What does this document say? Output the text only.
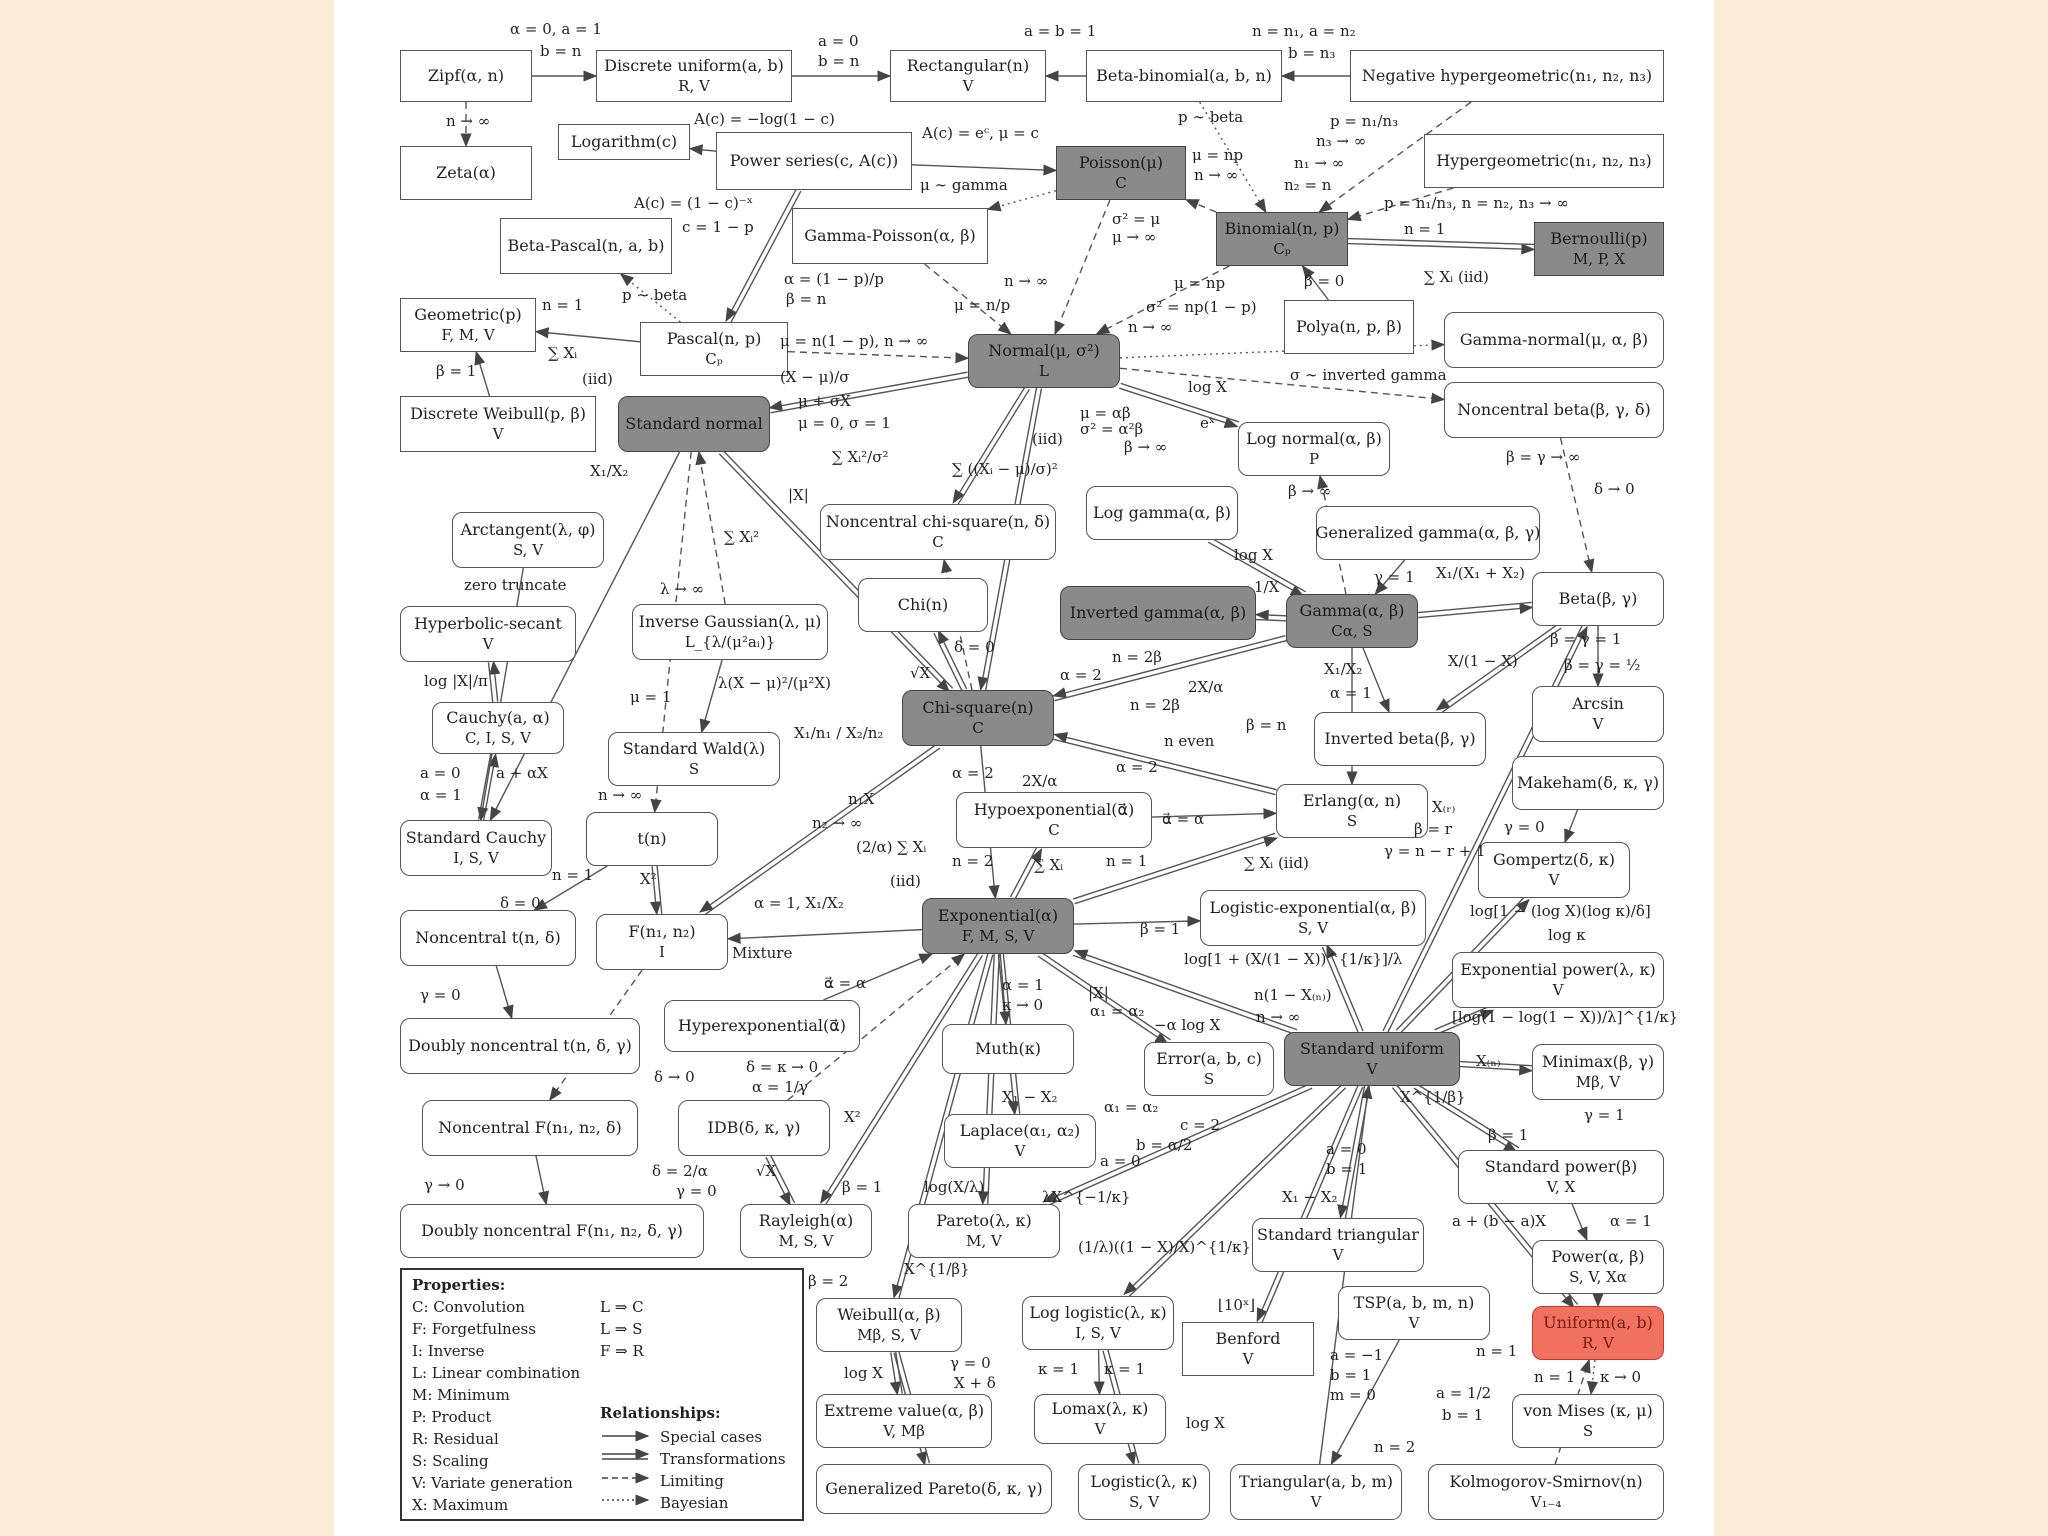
Zipf(α, n)
Discrete uniform(a, b)
R, V
Rectangular(n)
V
Beta-binomial(a, b, n)	Negative hypergeometric(n₁, n₂, n₃)
Zeta(α)
Logarithm(c)
Power series(c, A(c))	Poisson(μ)
C
Hypergeometric(n₁, n₂, n₃)
Beta-Pascal(n, a, b)
Gamma-Poisson(α, β)	Binomial(n, p)
Cₚ
Bernoulli(p)
M, P, X
Geometric(p)
F, M, V	Pascal(n, p)
Cₚ	Normal(μ, σ²)
L
Polya(n, p, β)
Gamma-normal(μ, α, β)
Discrete Weibull(p, β)
V
Standard normal
Noncentral beta(β, γ, δ)
Log normal(α, β)
P
Arctangent(λ, φ)
S, V
Noncentral chi-square(n, δ)
C
Log gamma(α, β)
Generalized gamma(α, β, γ)
Hyperbolic-secant
V
Inverse Gaussian(λ, μ)
L_{λ/(μ²aᵢ)}
Chi(n)	Inverted gamma(α, β)	Gamma(α, β)
Cα, S
Beta(β, γ)
Cauchy(a, α)
C, I, S, V
Standard Wald(λ)
S
Chi-square(n)
C
Inverted beta(β, γ)
Arcsin
V
Makeham(δ, κ, γ)
Standard Cauchy
I, S, V
t(n)
Hypoexponential(α⃗)
C
Erlang(α, n)
S
Gompertz(δ, κ)
V
Noncentral t(n, δ)	F(n₁, n₂)
I
Exponential(α)
F, M, S, V
Logistic-exponential(α, β)
S, V
Exponential power(λ, κ)
V
Doubly noncentral t(n, δ, γ)
Hyperexponential(α⃗)
Muth(κ)
Error(a, b, c)
S
Standard uniform
V	Minimax(β, γ)
Mβ, V
Noncentral F(n₁, n₂, δ)	IDB(δ, κ, γ)	Laplace(α₁, α₂)
V
Standard power(β)
V, X
Doubly noncentral F(n₁, n₂, δ, γ)
Rayleigh(α)
M, S, V
Pareto(λ, κ)
M, V	Standard triangular
V	Power(α, β)
S, V, Xα
Weibull(α, β)
Mβ, S, V
Log logistic(λ, κ)
I, S, V	Benford
V
TSP(a, b, m, n)
V	Uniform(a, b)
R, V
Extreme value(α, β)
V, Mβ
Lomax(λ, κ)
V
von Mises (κ, μ)
S
Generalized Pareto(δ, κ, γ)	Logistic(λ, κ)
S, V
Triangular(a, b, m)
V
Kolmogorov-Smirnov(n)
V₁₋₄
α = 0, a = 1
b = n
a = 0
b = n
a = b = 1	n = n₁, a = n₂
b = n₃
n → ∞	A(c) = −log(1 − c)
A(c) = eᶜ, μ = c
p ∼ beta	p = n₁/n₃
n₃ → ∞
μ = np
n → ∞
n₁ → ∞
n₂ = n
μ ∼ gamma
A(c) = (1 − c)⁻ˣ
c = 1 − p	σ² = μ
μ → ∞
p = n₁/n₃, n = n₂, n₃ → ∞
n = 1
β = 0	∑ Xᵢ (iid)
α = (1 − p)/p
β = n
p ∼ beta
n = 1
n → ∞
μ = n/p
μ = np
σ² = np(1 − p)
n → ∞
μ = n(1 − p), n → ∞
∑ Xᵢ
(iid)
β = 1	(X − μ)/σ	σ ∼ inverted gamma
μ + σX
μ = 0, σ = 1
log X
eˣ
μ = αβ
σ² = α²β
β → ∞
(iid)
X₁/X₂
∑ Xᵢ²/σ²
∑ ((Xᵢ − μ)/σ)²
|X|
β = γ → ∞
δ → 0
β → ∞
∑ Xᵢ²
zero truncate
log X
1/X
γ = 1 X₁/(X₁ + X₂)
λ → ∞
log |X|/π
δ = 0
√X
λ(X − μ)²/(μ²X)
n = 2β
2X/α
α = 2
n = 2β
X₁/X₂
α = 1
X/(1 − X)
β = γ = 1
β = γ = ½
μ = 1
β = n
n even
a = 0
α = 1
a + αX
X₁/n₁ / X₂/n₂
n → ∞
α = 2 2X/α
α = 2
n₁X
n₂ → ∞	α⃗ = α
X₍ᵣ₎
β = r
γ = n − r + 1
γ = 0
(2/α) ∑ Xᵢ
(iid)
n = 2	∑ Xᵢ	n = 1	∑ Xᵢ (iid)
n = 1	X²
α = 1, X₁/X₂
δ = 0	log[1 − (log X)(log κ)/δ]
log κ
Mixture
β = 1
log[1 + (X/(1 − X))^{1/κ}]/λ
γ = 0
α⃗ = α	α = 1
κ → 0
|X|
α₁ = α₂
−α log X
n(1 − X₍ₙ₎)
n → ∞	[log(1 − log(1 − X))/λ]^{1/κ}
δ = κ → 0
α = 1/γ
δ → 0
X₍ₙ₎
X^{1/β}
X₁ − X₂
α₁ = α₂
c = 2
b = α/2
a = 0
X²	γ = 1
γ → 0
δ = 2/α
γ = 0
√X
β = 1	log(X/λ)
λX^{−1/κ}
a = 0
b = 1
X₁ − X₂
β = 1
a + (b − a)X	α = 1
β = 2
X^{1/β}
(1/λ)((1 − X)/X)^{1/κ}
⌊10ˣ⌋
γ = 0
X + δ
log X	κ = 1 κ = 1
a = −1
b = 1
m = 0
n = 1
n = 1 κ → 0
log X
a = 1/2
b = 1
n = 2
Properties:
C: Convolution
F: Forgetfulness
I: Inverse
L: Linear combination
M: Minimum
P: Product
R: Residual
S: Scaling
V: Variate generation
X: Maximum
L ⇒ C
L ⇒ S
F ⇒ R
Relationships:
Special cases
Transformations
Limiting
Bayesian
